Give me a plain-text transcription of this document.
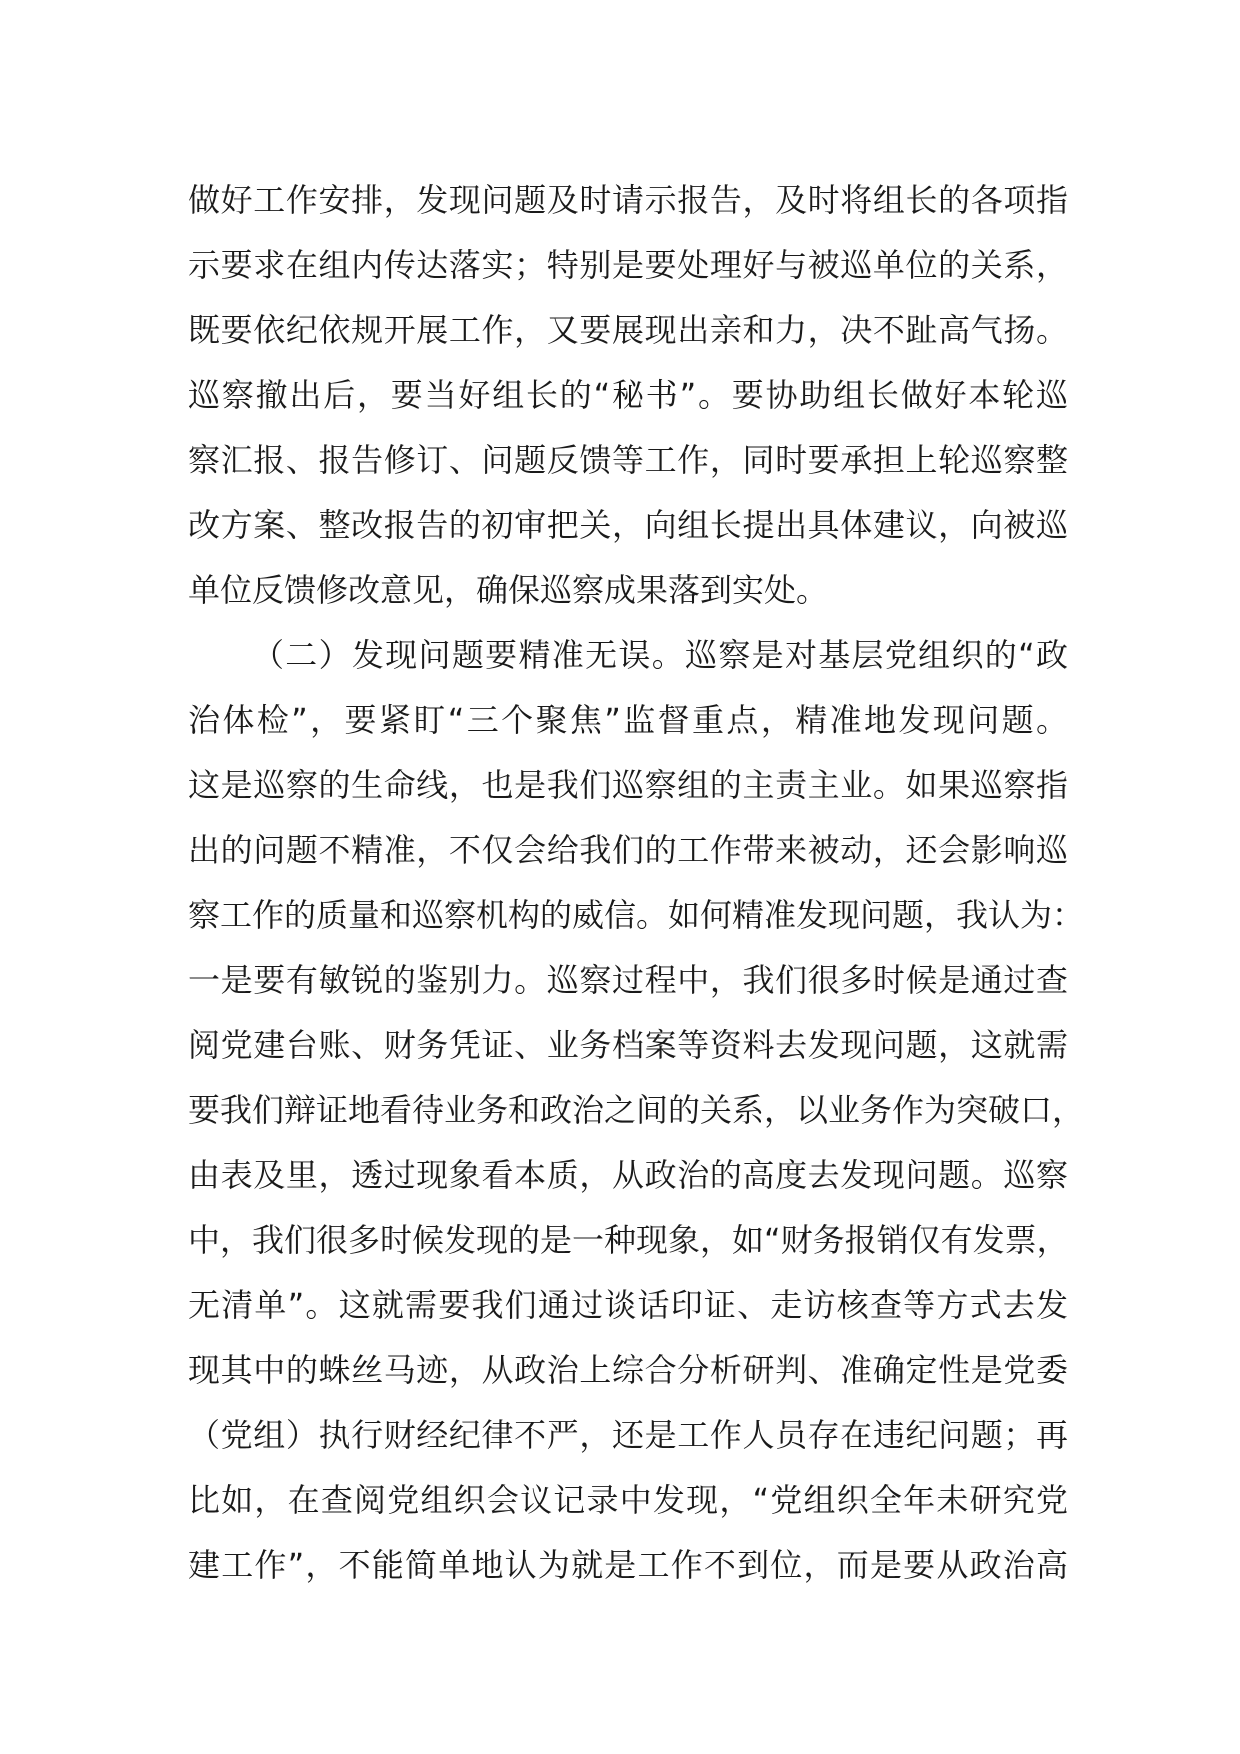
做好工作安排，发现问题及时请示报告，及时将组长的各项指
示要求在组内传达落实；特别是要处理好与被巡单位的关系，
既要依纪依规开展工作，又要展现出亲和力，决不趾高气扬。
巡察撤出后，要当好组长的“秘书”。要协助组长做好本轮巡
察汇报、报告修订、问题反馈等工作，同时要承担上轮巡察整
改方案、整改报告的初审把关，向组长提出具体建议，向被巡
单位反馈修改意见，确保巡察成果落到实处。
（二）发现问题要精准无误。巡察是对基层党组织的“政
治体检”，要紧盯“三个聚焦”监督重点，精准地发现问题。
这是巡察的生命线，也是我们巡察组的主责主业。如果巡察指
出的问题不精准，不仅会给我们的工作带来被动，还会影响巡
察工作的质量和巡察机构的威信。如何精准发现问题，我认为：
一是要有敏锐的鉴别力。巡察过程中，我们很多时候是通过查
阅党建台账、财务凭证、业务档案等资料去发现问题，这就需
要我们辩证地看待业务和政治之间的关系，以业务作为突破口，
由表及里，透过现象看本质，从政治的高度去发现问题。巡察
中，我们很多时候发现的是一种现象，如“财务报销仅有发票，
无清单”。这就需要我们通过谈话印证、走访核查等方式去发
现其中的蛛丝马迹，从政治上综合分析研判、准确定性是党委
（党组）执行财经纪律不严，还是工作人员存在违纪问题；再
比如，在查阅党组织会议记录中发现，“党组织全年未研究党
建工作”，不能简单地认为就是工作不到位，而是要从政治高
